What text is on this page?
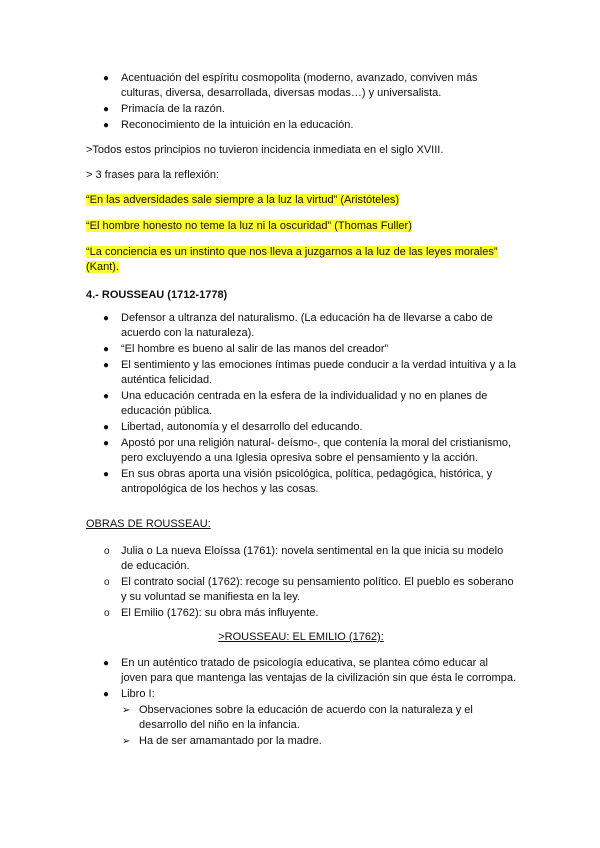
● Acentuación del espíritu cosmopolita (moderno, avanzado, conviven más culturas, diversa, desarrollada, diversas modas…) y universalista.
● Primacía de la razón.
● Reconocimiento de la intuición en la educación.

>Todos estos principios no tuvieron incidencia inmediata en el siglo XVIII.

> 3 frases para la reflexión:

“En las adversidades sale siempre a la luz la virtud” (Aristóteles)

“El hombre honesto no teme la luz ni la oscuridad” (Thomas Fuller)

“La conciencia es un instinto que nos lleva a juzgarnos a la luz de las leyes morales” (Kant).

4.- ROUSSEAU (1712-1778)

● Defensor a ultranza del naturalismo. (La educación ha de llevarse a cabo de acuerdo con la naturaleza).
● “El hombre es bueno al salir de las manos del creador”
● El sentimiento y las emociones íntimas puede conducir a la verdad intuitiva y a la auténtica felicidad.
● Una educación centrada en la esfera de la individualidad y no en planes de educación pública.
● Libertad, autonomía y el desarrollo del educando.
● Apostó por una religión natural- deísmo-, que contenía la moral del cristianismo, pero excluyendo a una Iglesia opresiva sobre el pensamiento y la acción.
● En sus obras aporta una visión psicológica, política, pedagógica, histórica, y antropológica de los hechos y las cosas.

OBRAS DE ROUSSEAU:

o Julia o La nueva Eloíssa (1761): novela sentimental en la que inicia su modelo de educación.
o El contrato social (1762): recoge su pensamiento político. El pueblo es soberano y su voluntad se manifiesta en la ley.
o El Emilio (1762): su obra más influyente.

>ROUSSEAU: EL EMILIO (1762):

● En un auténtico tratado de psicología educativa, se plantea cómo educar al joven para que mantenga las ventajas de la civilización sin que ésta le corrompa.
● Libro I:
➢ Observaciones sobre la educación de acuerdo con la naturaleza y el desarrollo del niño en la infancia.
➢ Ha de ser amamantado por la madre.
